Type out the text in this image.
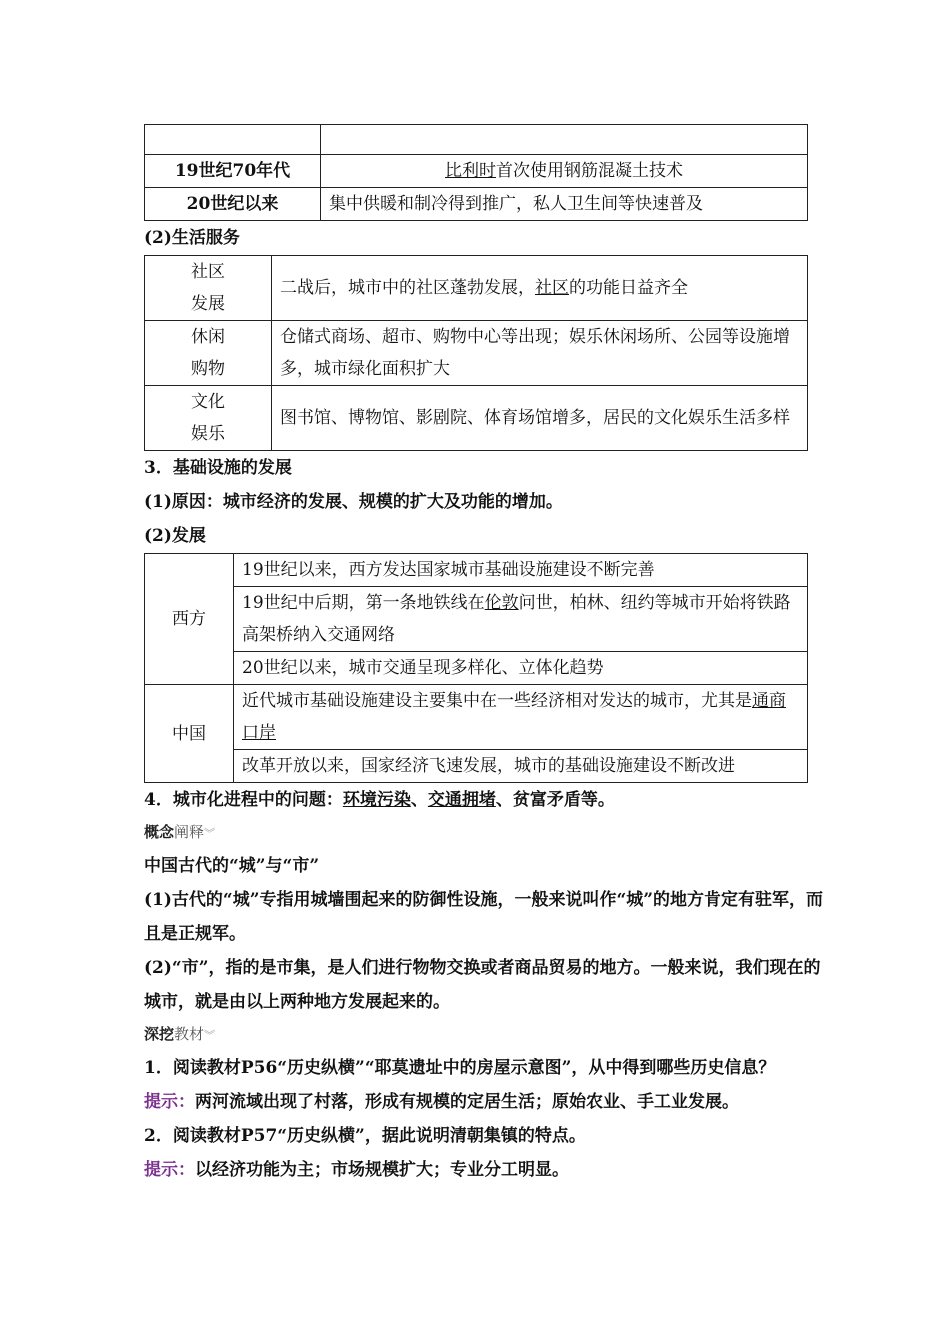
19世纪70年代	比利时首次使用钢筋混凝土技术
20世纪以来	集中供暖和制冷得到推广，私人卫生间等快速普及

(2)生活服务

社区
发展	二战后，城市中的社区蓬勃发展，社区的功能日益齐全

休闲
购物	仓储式商场、超市、购物中心等出现；娱乐休闲场所、公园等设施增多，城市绿化面积扩大

文化
娱乐	图书馆、博物馆、影剧院、体育场馆增多，居民的文化娱乐生活多样

3．基础设施的发展

(1)原因：城市经济的发展、规模的扩大及功能的增加。

(2)发展

西方	19世纪以来，西方发达国家城市基础设施建设不断完善
	19世纪中后期，第一条地铁线在伦敦问世，柏林、纽约等城市开始将铁路高架桥纳入交通网络
	20世纪以来，城市交通呈现多样化、立体化趋势
中国	近代城市基础设施建设主要集中在一些经济相对发达的城市，尤其是通商口岸
	改革开放以来，国家经济飞速发展，城市的基础设施建设不断改进

4．城市化进程中的问题：环境污染、交通拥堵、贫富矛盾等。

概念阐释︾

中国古代的“城”与“市”

(1)古代的“城”专指用城墙围起来的防御性设施，一般来说叫作“城”的地方肯定有驻军，而且是正规军。

(2)“市”，指的是市集，是人们进行物物交换或者商品贸易的地方。一般来说，我们现在的城市，就是由以上两种地方发展起来的。

深挖教材︾

1．阅读教材P56“历史纵横”“耶莫遗址中的房屋示意图”，从中得到哪些历史信息？

提示：两河流域出现了村落，形成有规模的定居生活；原始农业、手工业发展。

2．阅读教材P57“历史纵横”，据此说明清朝集镇的特点。

提示：以经济功能为主；市场规模扩大；专业分工明显。
